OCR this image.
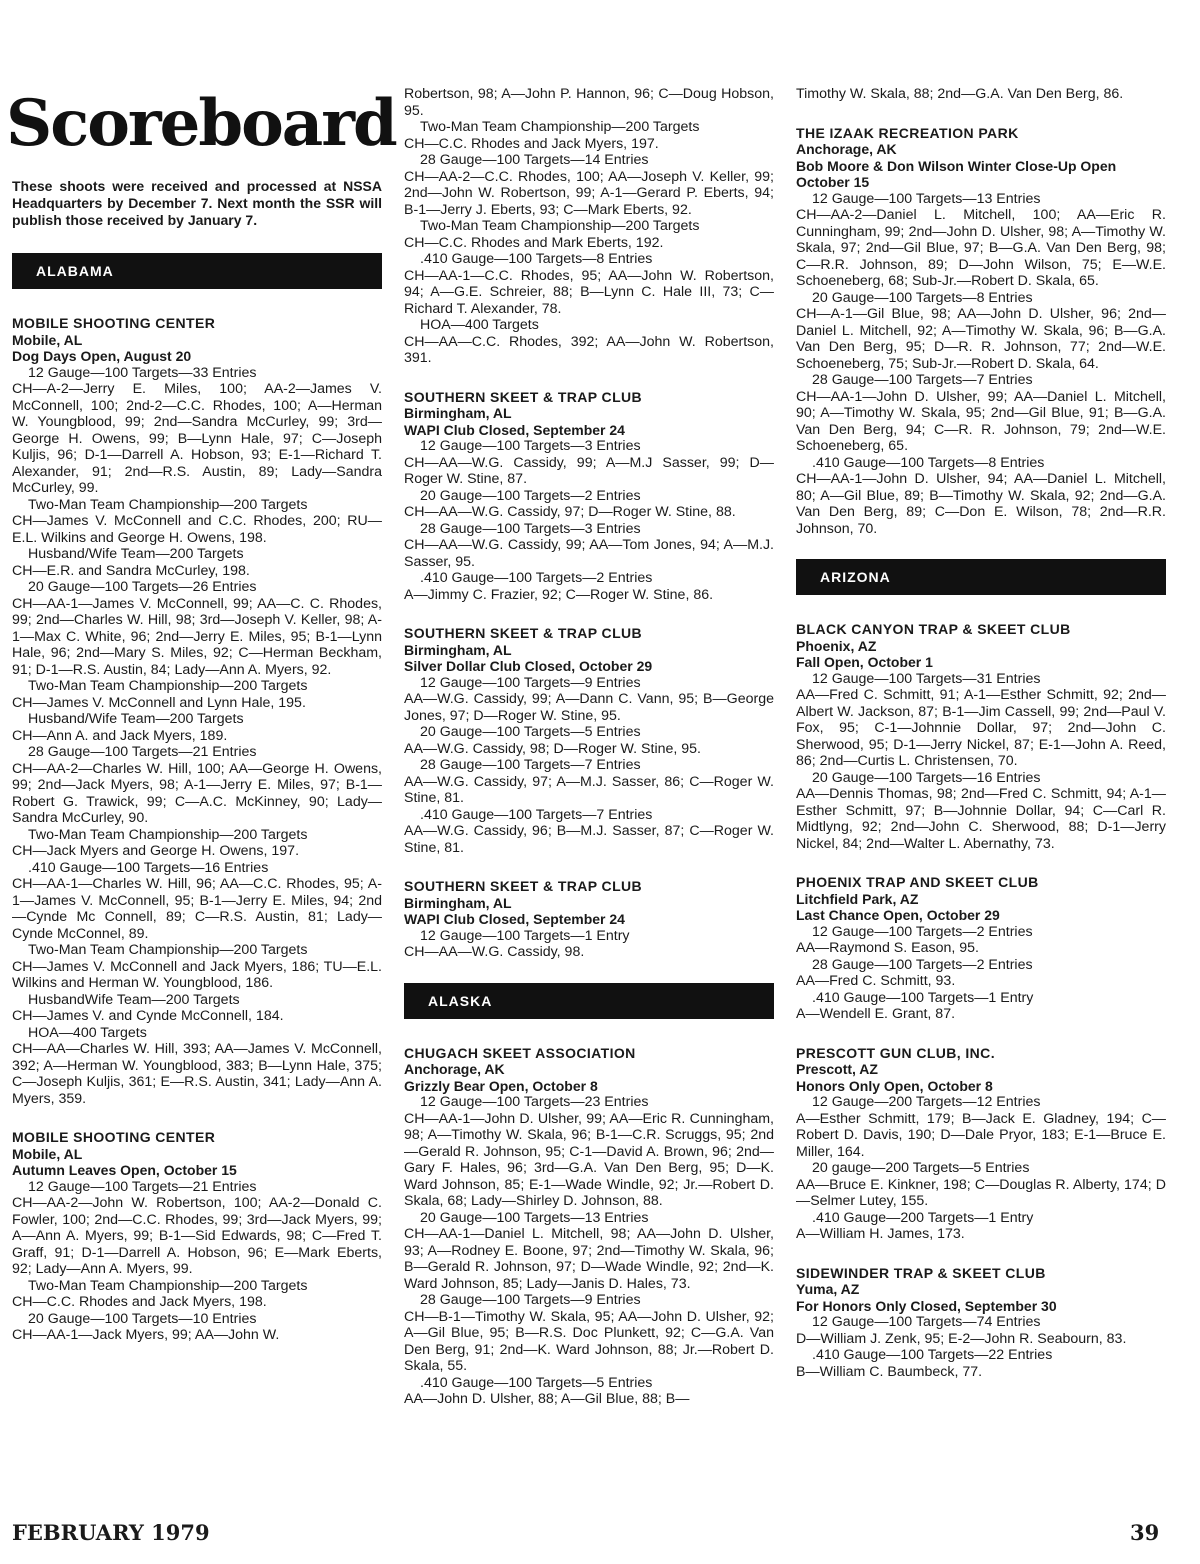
Scoreboard
These shoots were received and processed at NSSA Headquarters by December 7. Next month the SSR will publish those received by January 7.
ALABAMA
MOBILE SHOOTING CENTER
Mobile, AL
Dog Days Open, August 20

12 Gauge—100 Targets—33 Entries

CH—A-2—Jerry E. Miles, 100; AA-2—James V. McConnell, 100; 2nd-2—C.C. Rhodes, 100; A—Herman W. Youngblood, 99; 2nd—Sandra McCurley, 99; 3rd—George H. Owens, 99; B—Lynn Hale, 97; C—Joseph Kuljis, 96; D-1—Darrell A. Hobson, 93; E-1—Richard T. Alexander, 91; 2nd—R.S. Austin, 89; Lady—Sandra McCurley, 99.

Two-Man Team Championship—200 Targets

CH—James V. McConnell and C.C. Rhodes, 200; RU—E.L. Wilkins and George H. Owens, 198.

Husband/Wife Team—200 Targets

CH—E.R. and Sandra McCurley, 198.

20 Gauge—100 Targets—26 Entries

CH—AA-1—James V. McConnell, 99; AA—C. C. Rhodes, 99; 2nd—Charles W. Hill, 98; 3rd—Joseph V. Keller, 98; A-1—Max C. White, 96; 2nd—Jerry E. Miles, 95; B-1—Lynn Hale, 96; 2nd—Mary S. Miles, 92; C—Herman Beckham, 91; D-1—R.S. Austin, 84; Lady—Ann A. Myers, 92.

Two-Man Team Championship—200 Targets

CH—James V. McConnell and Lynn Hale, 195.

Husband/Wife Team—200 Targets

CH—Ann A. and Jack Myers, 189.

28 Gauge—100 Targets—21 Entries

CH—AA-2—Charles W. Hill, 100; AA—George H. Owens, 99; 2nd—Jack Myers, 98; A-1—Jerry E. Miles, 97; B-1—Robert G. Trawick, 99; C—A.C. McKinney, 90; Lady—Sandra McCurley, 90.

Two-Man Team Championship—200 Targets

CH—Jack Myers and George H. Owens, 197.

.410 Gauge—100 Targets—16 Entries

CH—AA-1—Charles W. Hill, 96; AA—C.C. Rhodes, 95; A-1—James V. McConnell, 95; B-1—Jerry E. Miles, 94; 2nd—Cynde Mc Connell, 89; C—R.S. Austin, 81; Lady—Cynde McConnel, 89.

Two-Man Team Championship—200 Targets

CH—James V. McConnell and Jack Myers, 186; TU—E.L. Wilkins and Herman W. Youngblood, 186.

HusbandWife Team—200 Targets

CH—James V. and Cynde McConnell, 184.

HOA—400 Targets

CH—AA—Charles W. Hill, 393; AA—James V. McConnell, 392; A—Herman W. Youngblood, 383; B—Lynn Hale, 375; C—Joseph Kuljis, 361; E—R.S. Austin, 341; Lady—Ann A. Myers, 359.

MOBILE SHOOTING CENTER
Mobile, AL
Autumn Leaves Open, October 15

12 Gauge—100 Targets—21 Entries

CH—AA-2—John W. Robertson, 100; AA-2—Donald C. Fowler, 100; 2nd—C.C. Rhodes, 99; 3rd—Jack Myers, 99; A—Ann A. Myers, 99; B-1—Sid Edwards, 98; C—Fred T. Graff, 91; D-1—Darrell A. Hobson, 96; E—Mark Eberts, 92; Lady—Ann A. Myers, 99.

Two-Man Team Championship—200 Targets

CH—C.C. Rhodes and Jack Myers, 198.

20 Gauge—100 Targets—10 Entries

CH—AA-1—Jack Myers, 99; AA—John W.

Robertson, 98; A—John P. Hannon, 96; C—Doug Hobson, 95.

Two-Man Team Championship—200 Targets

CH—C.C. Rhodes and Jack Myers, 197.

28 Gauge—100 Targets—14 Entries

CH—AA-2—C.C. Rhodes, 100; AA—Joseph V. Keller, 99; 2nd—John W. Robertson, 99; A-1—Gerard P. Eberts, 94; B-1—Jerry J. Eberts, 93; C—Mark Eberts, 92.

Two-Man Team Championship—200 Targets

CH—C.C. Rhodes and Mark Eberts, 192.

.410 Gauge—100 Targets—8 Entries

CH—AA-1—C.C. Rhodes, 95; AA—John W. Robertson, 94; A—G.E. Schreier, 88; B—Lynn C. Hale III, 73; C—Richard T. Alexander, 78.

HOA—400 Targets

CH—AA—C.C. Rhodes, 392; AA—John W. Robertson, 391.

SOUTHERN SKEET & TRAP CLUB
Birmingham, AL
WAPI Club Closed, September 24

12 Gauge—100 Targets—3 Entries

CH—AA—W.G. Cassidy, 99; A—M.J Sasser, 99; D—Roger W. Stine, 87.

20 Gauge—100 Targets—2 Entries

CH—AA—W.G. Cassidy, 97; D—Roger W. Stine, 88.

28 Gauge—100 Targets—3 Entries

CH—AA—W.G. Cassidy, 99; AA—Tom Jones, 94; A—M.J. Sasser, 95.

.410 Gauge—100 Targets—2 Entries

A—Jimmy C. Frazier, 92; C—Roger W. Stine, 86.

SOUTHERN SKEET & TRAP CLUB
Birmingham, AL
Silver Dollar Club Closed, October 29

12 Gauge—100 Targets—9 Entries

AA—W.G. Cassidy, 99; A—Dann C. Vann, 95; B—George Jones, 97; D—Roger W. Stine, 95.

20 Gauge—100 Targets—5 Entries

AA—W.G. Cassidy, 98; D—Roger W. Stine, 95.

28 Gauge—100 Targets—7 Entries

AA—W.G. Cassidy, 97; A—M.J. Sasser, 86; C—Roger W. Stine, 81.

.410 Gauge—100 Targets—7 Entries

AA—W.G. Cassidy, 96; B—M.J. Sasser, 87; C—Roger W. Stine, 81.

SOUTHERN SKEET & TRAP CLUB
Birmingham, AL
WAPI Club Closed, September 24

12 Gauge—100 Targets—1 Entry

CH—AA—W.G. Cassidy, 98.

ALASKA
CHUGACH SKEET ASSOCIATION
Anchorage, AK
Grizzly Bear Open, October 8

12 Gauge—100 Targets—23 Entries

CH—AA-1—John D. Ulsher, 99; AA—Eric R. Cunningham, 98; A—Timothy W. Skala, 96; B-1—C.R. Scruggs, 95; 2nd—Gerald R. Johnson, 95; C-1—David A. Brown, 96; 2nd—Gary F. Hales, 96; 3rd—G.A. Van Den Berg, 95; D—K. Ward Johnson, 85; E-1—Wade Windle, 92; Jr.—Robert D. Skala, 68; Lady—Shirley D. Johnson, 88.

20 Gauge—100 Targets—13 Entries

CH—AA-1—Daniel L. Mitchell, 98; AA—John D. Ulsher, 93; A—Rodney E. Boone, 97; 2nd—Timothy W. Skala, 96; B—Gerald R. Johnson, 97; D—Wade Windle, 92; 2nd—K. Ward Johnson, 85; Lady—Janis D. Hales, 73.

28 Gauge—100 Targets—9 Entries

CH—B-1—Timothy W. Skala, 95; AA—John D. Ulsher, 92; A—Gil Blue, 95; B—R.S. Doc Plunkett, 92; C—G.A. Van Den Berg, 91; 2nd—K. Ward Johnson, 88; Jr.—Robert D. Skala, 55.

.410 Gauge—100 Targets—5 Entries

AA—John D. Ulsher, 88; A—Gil Blue, 88; B—

Timothy W. Skala, 88; 2nd—G.A. Van Den Berg, 86.

THE IZAAK RECREATION PARK
Anchorage, AK
Bob Moore & Don Wilson Winter Close-Up Open October 15

12 Gauge—100 Targets—13 Entries

CH—AA-2—Daniel L. Mitchell, 100; AA—Eric R. Cunningham, 99; 2nd—John D. Ulsher, 98; A—Timothy W. Skala, 97; 2nd—Gil Blue, 97; B—G.A. Van Den Berg, 98; C—R.R. Johnson, 89; D—John Wilson, 75; E—W.E. Schoeneberg, 68; Sub-Jr.—Robert D. Skala, 65.

20 Gauge—100 Targets—8 Entries

CH—A-1—Gil Blue, 98; AA—John D. Ulsher, 96; 2nd—Daniel L. Mitchell, 92; A—Timothy W. Skala, 96; B—G.A. Van Den Berg, 95; D—R. R. Johnson, 77; 2nd—W.E. Schoeneberg, 75; Sub-Jr.—Robert D. Skala, 64.

28 Gauge—100 Targets—7 Entries

CH—AA-1—John D. Ulsher, 99; AA—Daniel L. Mitchell, 90; A—Timothy W. Skala, 95; 2nd—Gil Blue, 91; B—G.A. Van Den Berg, 94; C—R. R. Johnson, 79; 2nd—W.E. Schoeneberg, 65.

.410 Gauge—100 Targets—8 Entries

CH—AA-1—John D. Ulsher, 94; AA—Daniel L. Mitchell, 80; A—Gil Blue, 89; B—Timothy W. Skala, 92; 2nd—G.A. Van Den Berg, 89; C—Don E. Wilson, 78; 2nd—R.R. Johnson, 70.

ARIZONA
BLACK CANYON TRAP & SKEET CLUB
Phoenix, AZ
Fall Open, October 1

12 Gauge—100 Targets—31 Entries

AA—Fred C. Schmitt, 91; A-1—Esther Schmitt, 92; 2nd—Albert W. Jackson, 87; B-1—Jim Cassell, 99; 2nd—Paul V. Fox, 95; C-1—Johnnie Dollar, 97; 2nd—John C. Sherwood, 95; D-1—Jerry Nickel, 87; E-1—John A. Reed, 86; 2nd—Curtis L. Christensen, 70.

20 Gauge—100 Targets—16 Entries

AA—Dennis Thomas, 98; 2nd—Fred C. Schmitt, 94; A-1—Esther Schmitt, 97; B—Johnnie Dollar, 94; C—Carl R. Midtlyng, 92; 2nd—John C. Sherwood, 88; D-1—Jerry Nickel, 84; 2nd—Walter L. Abernathy, 73.

PHOENIX TRAP AND SKEET CLUB
Litchfield Park, AZ
Last Chance Open, October 29

12 Gauge—100 Targets—2 Entries

AA—Raymond S. Eason, 95.

28 Gauge—100 Targets—2 Entries

AA—Fred C. Schmitt, 93.

.410 Gauge—100 Targets—1 Entry

A—Wendell E. Grant, 87.

PRESCOTT GUN CLUB, INC.
Prescott, AZ
Honors Only Open, October 8

12 Gauge—200 Targets—12 Entries

A—Esther Schmitt, 179; B—Jack E. Gladney, 194; C—Robert D. Davis, 190; D—Dale Pryor, 183; E-1—Bruce E. Miller, 164.

20 gauge—200 Targets—5 Entries

AA—Bruce E. Kinkner, 198; C—Douglas R. Alberty, 174; D—Selmer Lutey, 155.

.410 Gauge—200 Targets—1 Entry

A—William H. James, 173.

SIDEWINDER TRAP & SKEET CLUB
Yuma, AZ
For Honors Only Closed, September 30

12 Gauge—100 Targets—74 Entries

D—William J. Zenk, 95; E-2—John R. Seabourn, 83.

.410 Gauge—100 Targets—22 Entries

B—William C. Baumbeck, 77.

FEBRUARY 1979	39
